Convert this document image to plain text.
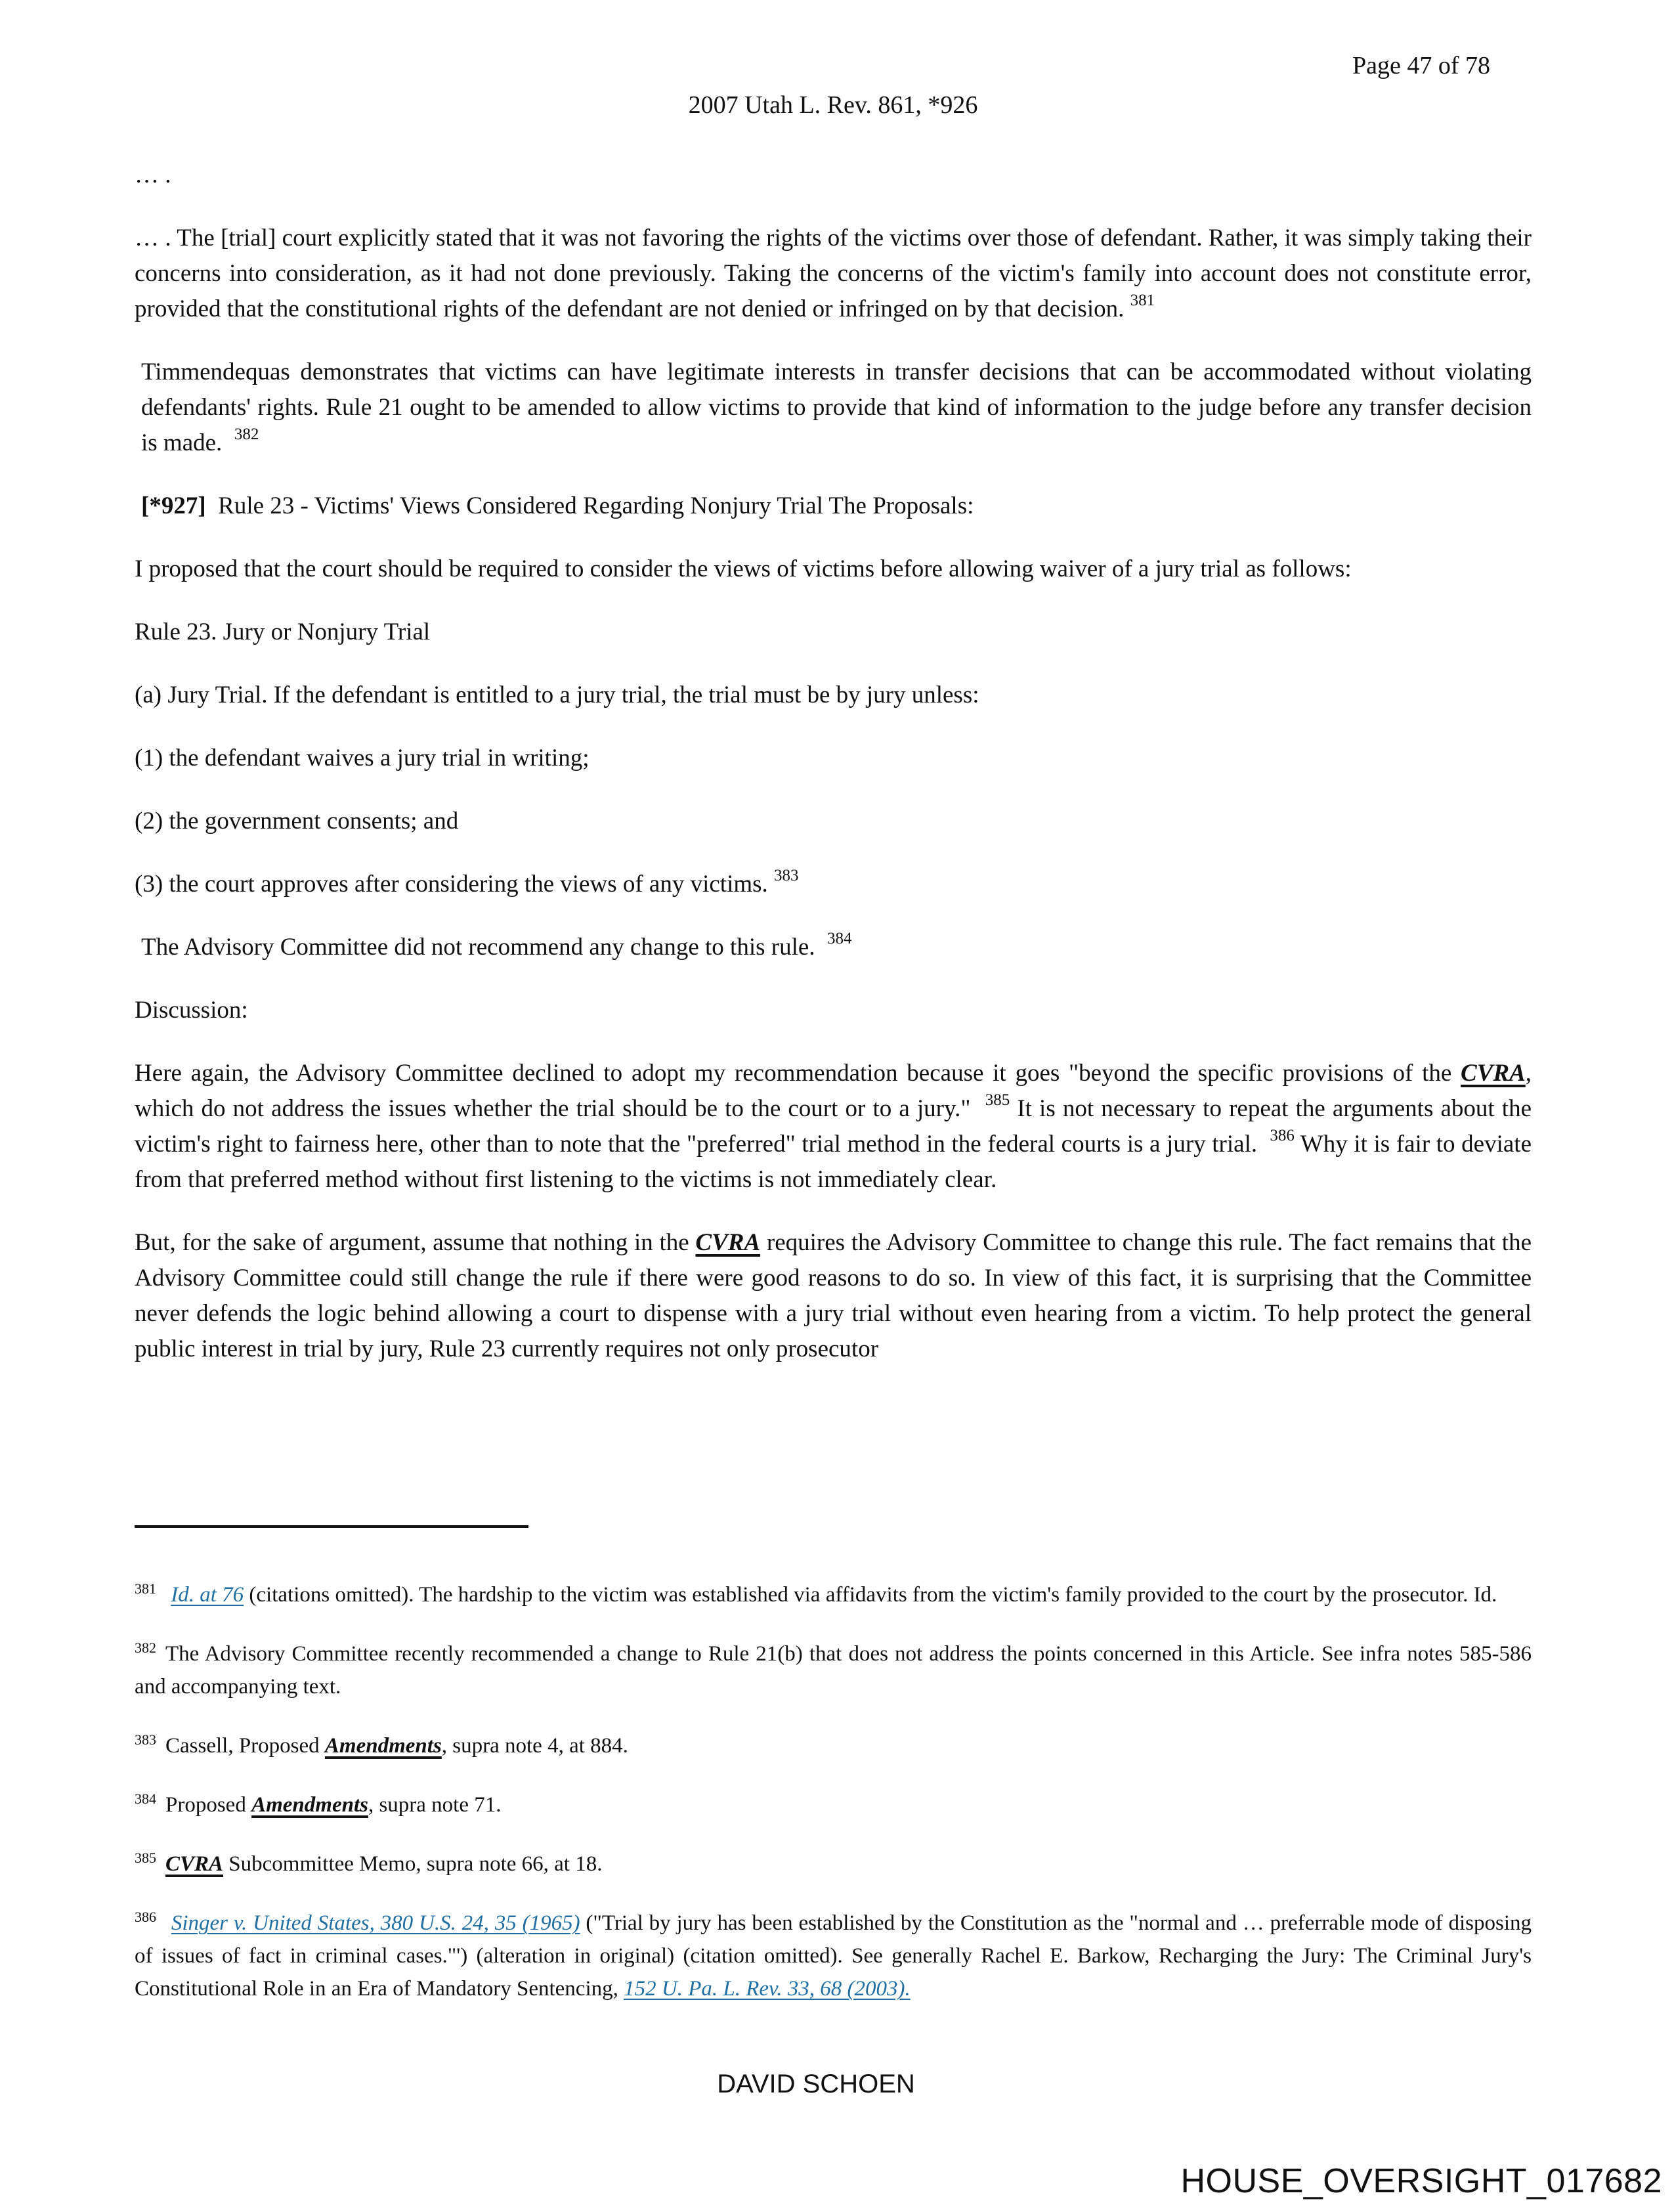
Page 47 of 78
2007 Utah L. Rev. 861, *926

… .

… . The [trial] court explicitly stated that it was not favoring the rights of the victims over those of defendant. Rather, it was simply taking their concerns into consideration, as it had not done previously. Taking the concerns of the victim's family into account does not constitute error, provided that the constitutional rights of the defendant are not denied or infringed on by that decision. $^{381}$

Timmendequas demonstrates that victims can have legitimate interests in transfer decisions that can be accommodated without violating defendants' rights. Rule 21 ought to be amended to allow victims to provide that kind of information to the judge before any transfer decision is made. $^{382}$

[*927] Rule 23 - Victims' Views Considered Regarding Nonjury Trial The Proposals:

I proposed that the court should be required to consider the views of victims before allowing waiver of a jury trial as follows:

Rule 23. Jury or Nonjury Trial

(a) Jury Trial. If the defendant is entitled to a jury trial, the trial must be by jury unless:

(1) the defendant waives a jury trial in writing;

(2) the government consents; and

(3) the court approves after considering the views of any victims. $^{383}$

The Advisory Committee did not recommend any change to this rule. $^{384}$

Discussion:

Here again, the Advisory Committee declined to adopt my recommendation because it goes "beyond the specific provisions of the CVRA, which do not address the issues whether the trial should be to the court or to a jury." $^{385}$ It is not necessary to repeat the arguments about the victim's right to fairness here, other than to note that the "preferred" trial method in the federal courts is a jury trial. $^{386}$ Why it is fair to deviate from that preferred method without first listening to the victims is not immediately clear.

But, for the sake of argument, assume that nothing in the CVRA requires the Advisory Committee to change this rule. The fact remains that the Advisory Committee could still change the rule if there were good reasons to do so. In view of this fact, it is surprising that the Committee never defends the logic behind allowing a court to dispense with a jury trial without even hearing from a victim. To help protect the general public interest in trial by jury, Rule 23 currently requires not only prosecutor

$^{381}$ Id. at 76 (citations omitted). The hardship to the victim was established via affidavits from the victim's family provided to the court by the prosecutor. Id.
$^{382}$ The Advisory Committee recently recommended a change to Rule 21(b) that does not address the points concerned in this Article. See infra notes 585-586 and accompanying text.
$^{383}$ Cassell, Proposed Amendments, supra note 4, at 884.
$^{384}$ Proposed Amendments, supra note 71.
$^{385}$ CVRA Subcommittee Memo, supra note 66, at 18.
$^{386}$ Singer v. United States, 380 U.S. 24, 35 (1965) ("Trial by jury has been established by the Constitution as the "normal and … preferrable mode of disposing of issues of fact in criminal cases."') (alteration in original) (citation omitted). See generally Rachel E. Barkow, Recharging the Jury: The Criminal Jury's Constitutional Role in an Era of Mandatory Sentencing, 152 U. Pa. L. Rev. 33, 68 (2003).
DAVID SCHOEN
HOUSE_OVERSIGHT_017682
